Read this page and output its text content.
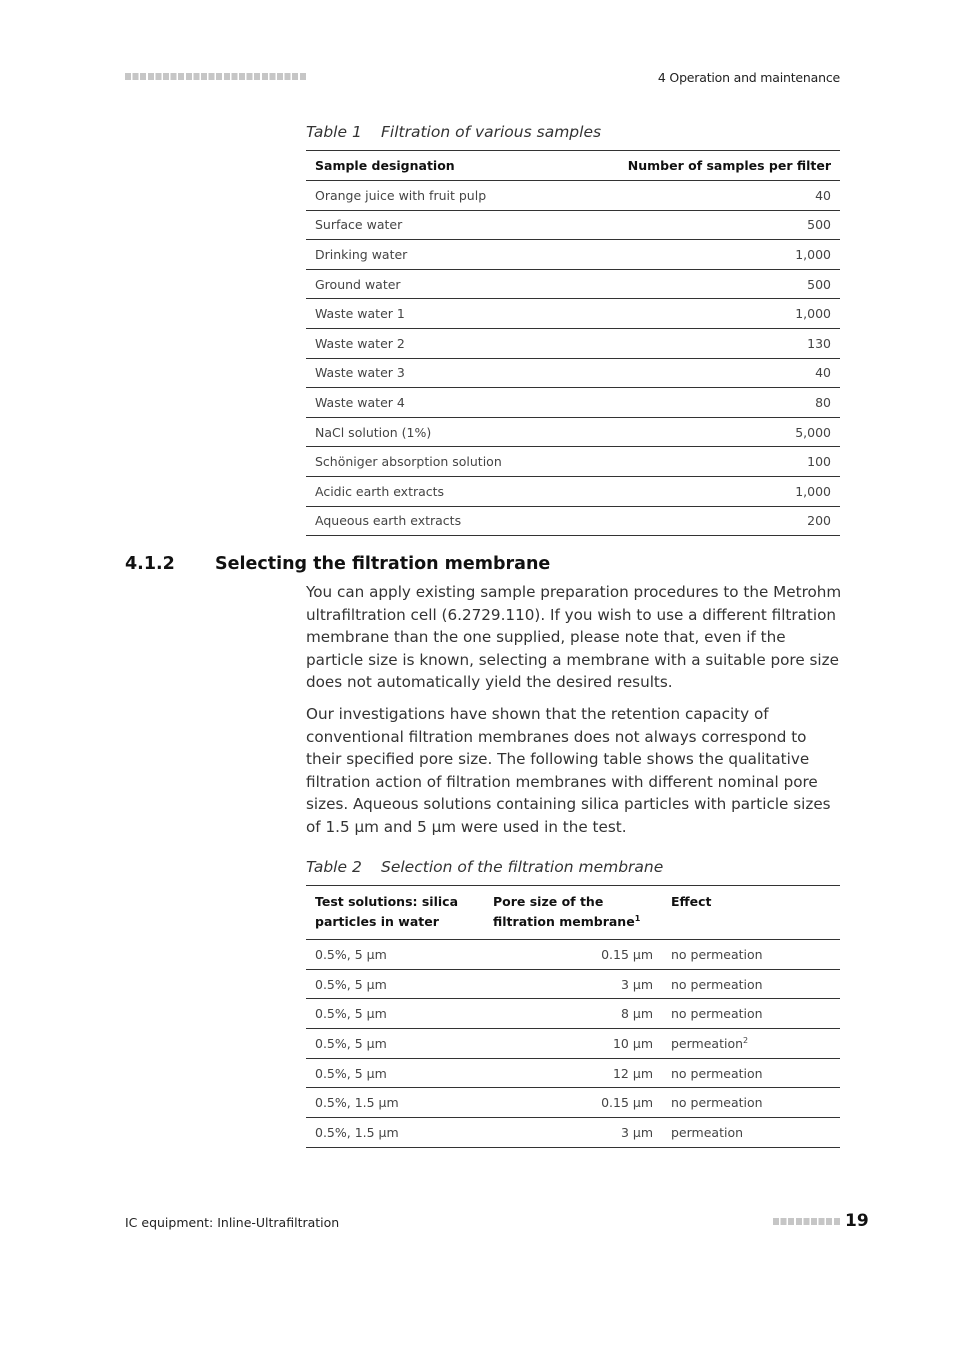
4 Operation and maintenance
Table 1 Filtration of various samples
Sample designation	Number of samples per filter
Orange juice with fruit pulp	40
Surface water	500
Drinking water	1,000
Ground water	500
Waste water 1	1,000
Waste water 2	130
Waste water 3	40
Waste water 4	80
NaCl solution (1%)	5,000
Schöniger absorption solution	100
Acidic earth extracts	1,000
Aqueous earth extracts	200
4.1.2 Selecting the filtration membrane

You can apply existing sample preparation procedures to the Metrohm ultrafiltration cell (6.2729.110). If you wish to use a different filtration membrane than the one supplied, please note that, even if the particle size is known, selecting a membrane with a suitable pore size does not automatically yield the desired results.

Our investigations have shown that the retention capacity of conventional filtration membranes does not always correspond to their specified pore size. The following table shows the qualitative filtration action of filtration membranes with different nominal pore sizes. Aqueous solutions containing silica particles with particle sizes of 1.5 µm and 5 µm were used in the test.

Table 2 Selection of the filtration membrane
Test solutions: silica particles in water	Pore size of the filtration membrane$^1$	Effect
0.5%, 5 µm	0.15 µm	no permeation
0.5%, 5 µm	3 µm	no permeation
0.5%, 5 µm	8 µm	no permeation
0.5%, 5 µm	10 µm	permeation$^2$
0.5%, 5 µm	12 µm	no permeation
0.5%, 1.5 µm	0.15 µm	no permeation
0.5%, 1.5 µm	3 µm	permeation
IC equipment: Inline-Ultrafiltration	19
